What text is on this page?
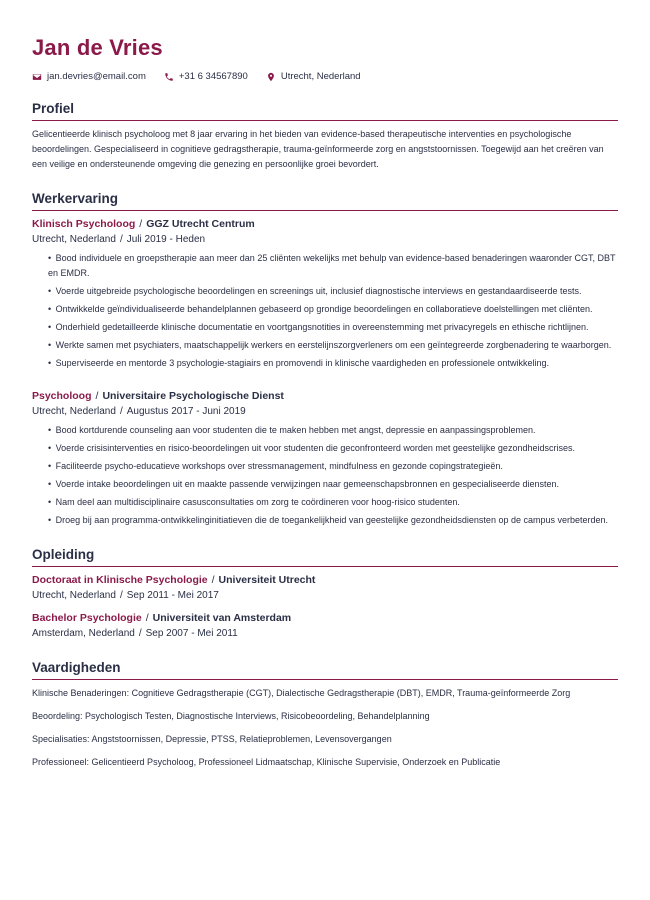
Jan de Vries
jan.devries@email.com	+31 6 34567890	Utrecht, Nederland
Profiel
Gelicentieerde klinisch psycholoog met 8 jaar ervaring in het bieden van evidence-based therapeutische interventies en psychologische beoordelingen. Gespecialiseerd in cognitieve gedragstherapie, trauma-geïnformeerde zorg en angststoornissen. Toegewijd aan het creëren van een veilige en ondersteunende omgeving die genezing en persoonlijke groei bevordert.
Werkervaring
Klinisch Psycholoog / GGZ Utrecht Centrum
Utrecht, Nederland / Juli 2019 - Heden
• Bood individuele en groepstherapie aan meer dan 25 cliënten wekelijks met behulp van evidence-based benaderingen waaronder CGT, DBT en EMDR.
• Voerde uitgebreide psychologische beoordelingen en screenings uit, inclusief diagnostische interviews en gestandaardiseerde tests.
• Ontwikkelde geïndividualiseerde behandelplannen gebaseerd op grondige beoordelingen en collaboratieve doelstellingen met cliënten.
• Onderhield gedetailleerde klinische documentatie en voortgangsnotities in overeenstemming met privacyregels en ethische richtlijnen.
• Werkte samen met psychiaters, maatschappelijk werkers en eerstelijnszorgverleners om een geïntegreerde zorgbenadering te waarborgen.
• Superviseerde en mentorde 3 psychologie-stagiairs en promovendi in klinische vaardigheden en professionele ontwikkeling.
Psycholoog / Universitaire Psychologische Dienst
Utrecht, Nederland / Augustus 2017 - Juni 2019
• Bood kortdurende counseling aan voor studenten die te maken hebben met angst, depressie en aanpassingsproblemen.
• Voerde crisisinterventies en risico-beoordelingen uit voor studenten die geconfronteerd worden met geestelijke gezondheidscrises.
• Faciliteerde psycho-educatieve workshops over stressmanagement, mindfulness en gezonde copingstrategieën.
• Voerde intake beoordelingen uit en maakte passende verwijzingen naar gemeenschapsbronnen en gespecialiseerde diensten.
• Nam deel aan multidisciplinaire casusconsultaties om zorg te coördineren voor hoog-risico studenten.
• Droeg bij aan programma-ontwikkelinginitiatieven die de toegankelijkheid van geestelijke gezondheidsdiensten op de campus verbeterden.
Opleiding
Doctoraat in Klinische Psychologie / Universiteit Utrecht
Utrecht, Nederland / Sep 2011 - Mei 2017
Bachelor Psychologie / Universiteit van Amsterdam
Amsterdam, Nederland / Sep 2007 - Mei 2011
Vaardigheden
Klinische Benaderingen: Cognitieve Gedragstherapie (CGT), Dialectische Gedragstherapie (DBT), EMDR, Trauma-geïnformeerde Zorg
Beoordeling: Psychologisch Testen, Diagnostische Interviews, Risicobeoordeling, Behandelplanning
Specialisaties: Angststoornissen, Depressie, PTSS, Relatieproblemen, Levensovergangen
Professioneel: Gelicentieerd Psycholoog, Professioneel Lidmaatschap, Klinische Supervisie, Onderzoek en Publicatie
